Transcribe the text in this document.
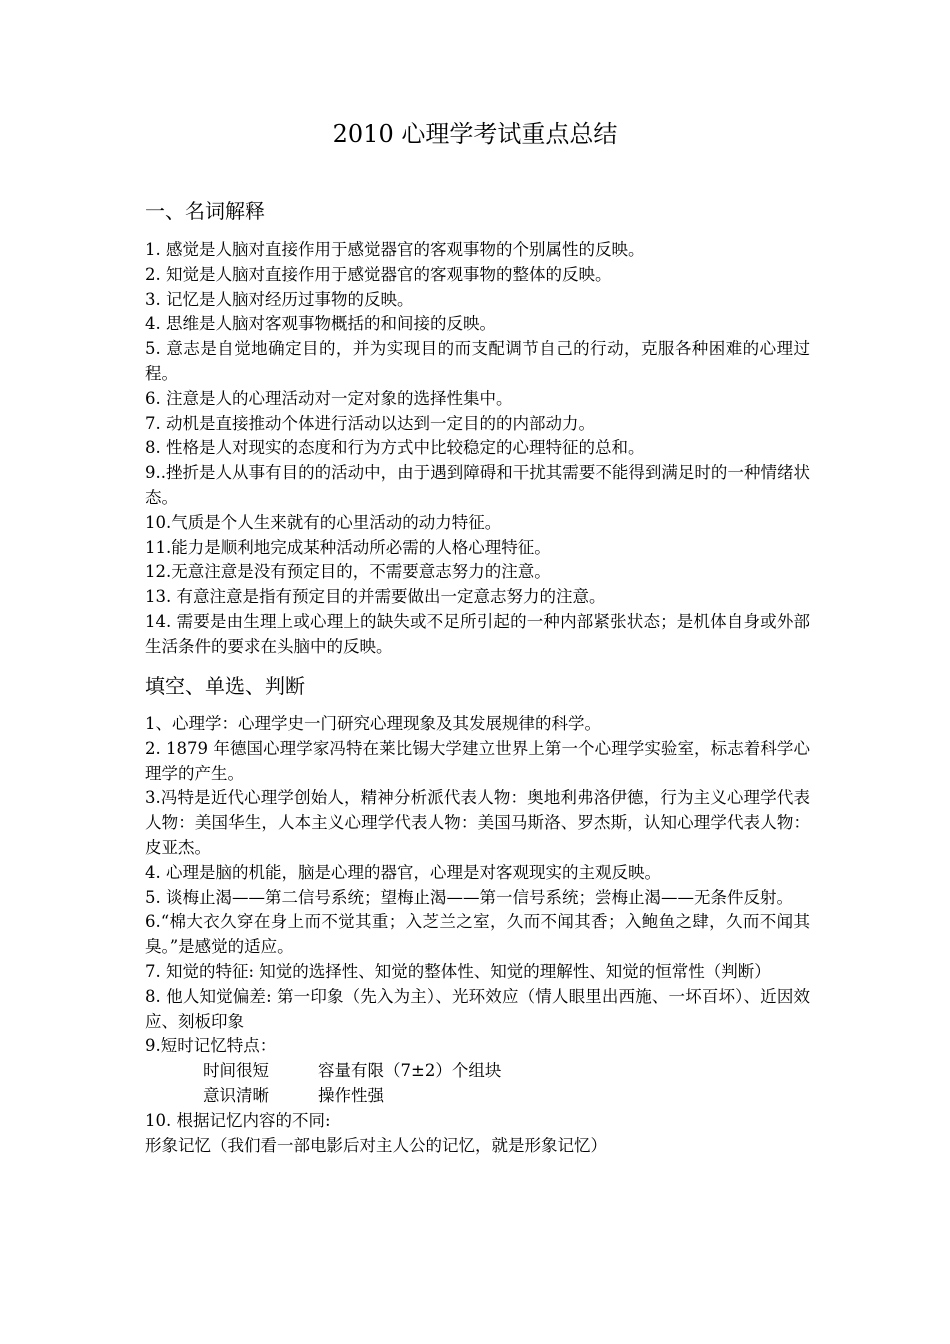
2010 心理学考试重点总结
一、名词解释

1. 感觉是人脑对直接作用于感觉器官的客观事物的个别属性的反映。

2. 知觉是人脑对直接作用于感觉器官的客观事物的整体的反映。

3. 记忆是人脑对经历过事物的反映。

4. 思维是人脑对客观事物概括的和间接的反映。

5. 意志是自觉地确定目的，并为实现目的而支配调节自己的行动，克服各种困难的心理过程。

6. 注意是人的心理活动对一定对象的选择性集中。

7. 动机是直接推动个体进行活动以达到一定目的的内部动力。

8. 性格是人对现实的态度和行为方式中比较稳定的心理特征的总和。

9..挫折是人从事有目的的活动中，由于遇到障碍和干扰其需要不能得到满足时的一种情绪状态。

10.气质是个人生来就有的心里活动的动力特征。

11.能力是顺利地完成某种活动所必需的人格心理特征。

12.无意注意是没有预定目的，不需要意志努力的注意。

13. 有意注意是指有预定目的并需要做出一定意志努力的注意。

14. 需要是由生理上或心理上的缺失或不足所引起的一种内部紧张状态；是机体自身或外部生活条件的要求在头脑中的反映。

填空、单选、判断

1、心理学：心理学史一门研究心理现象及其发展规律的科学。

2. 1879 年德国心理学家冯特在莱比锡大学建立世界上第一个心理学实验室，标志着科学心理学的产生。

3.冯特是近代心理学创始人，精神分析派代表人物：奥地利弗洛伊德，行为主义心理学代表人物：美国华生，人本主义心理学代表人物：美国马斯洛、罗杰斯，认知心理学代表人物：皮亚杰。

4. 心理是脑的机能，脑是心理的器官，心理是对客观现实的主观反映。

5. 谈梅止渴——第二信号系统；望梅止渴——第一信号系统；尝梅止渴——无条件反射。

6.“棉大衣久穿在身上而不觉其重；入芝兰之室，久而不闻其香；入鲍鱼之肆，久而不闻其臭。”是感觉的适应。

7. 知觉的特征: 知觉的选择性、知觉的整体性、知觉的理解性、知觉的恒常性（判断）

8. 他人知觉偏差: 第一印象（先入为主）、光环效应（情人眼里出西施、一坏百坏）、近因效应、刻板印象

9.短时记忆特点：

时间很短	容量有限（7±2）个组块

意识清晰	操作性强

10. 根据记忆内容的不同:

形象记忆（我们看一部电影后对主人公的记忆，就是形象记忆）
